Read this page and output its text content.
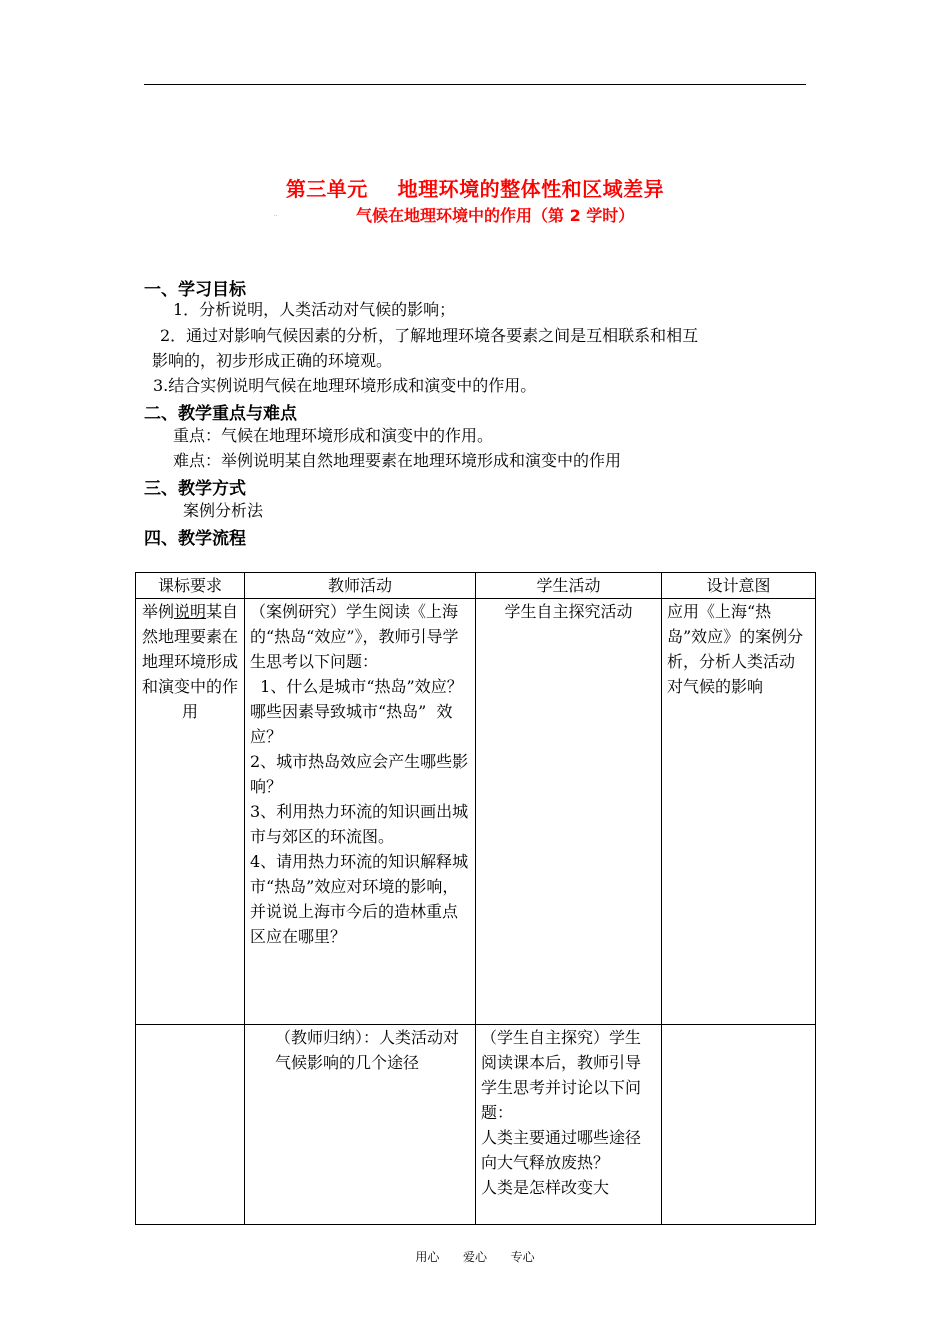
第三单元    地理环境的整体性和区域差异
..	气候在地理环境中的作用（第 2 学时）
一、学习目标
1．分析说明，人类活动对气候的影响；
2．通过对影响气候因素的分析，了解地理环境各要素之间是互相联系和相互
影响的，初步形成正确的环境观。
3.结合实例说明气候在地理环境形成和演变中的作用。
二、教学重点与难点
重点：气候在地理环境形成和演变中的作用。
难点：举例说明某自然地理要素在地理环境形成和演变中的作用
三、教学方式
案例分析法
四、教学流程
课标要求	教师活动	学生活动	设计意图
举例说明某自然地理要素在地理环境形成和演变中的作用	（案例研究）学生阅读《上海的“热岛“效应”》，教师引导学生思考以下问题：
1、什么是城市“热岛”效应？哪些因素导致城市“热岛”  效应？
2、城市热岛效应会产生哪些影响？
3、利用热力环流的知识画出城市与郊区的环流图。
4、请用热力环流的知识解释城市“热岛”效应对环境的影响，并说说上海市今后的造林重点区应在哪里？	学生自主探究活动	应用《上海“热岛”效应》的案例分析，分析人类活动对气候的影响
	（教师归纳）：人类活动对气候影响的几个途径	（学生自主探究）学生阅读课本后，教师引导学生思考并讨论以下问题：
人类主要通过哪些途径向大气释放废热？
人类是怎样改变大	

用心  爱心  专心
